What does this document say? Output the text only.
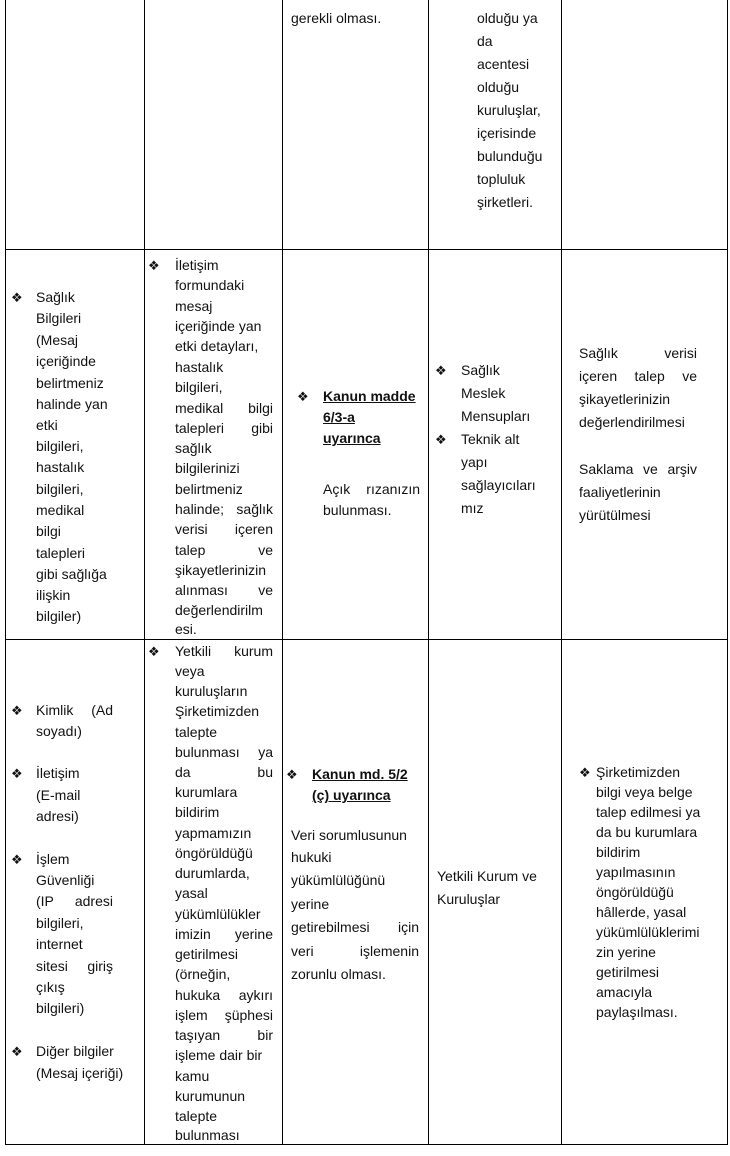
gerekli olması.	olduğu ya
da
acentesi
olduğu
kuruluşlar,
içerisinde
bulunduğu
topluluk
şirketleri.
❖ Sağlık
Bilgileri
(Mesaj
içeriğinde
belirtmeniz
halinde yan
etki
bilgileri,
hastalık
bilgileri,
medikal
bilgi
talepleri
gibi sağlığa
ilişkin
bilgiler)
❖ İletişim
formundaki
mesaj
içeriğinde yan
etki detayları,
hastalık
bilgileri,
medikal bilgi
talepleri gibi
sağlık
bilgilerinizi
belirtmeniz
halinde; sağlık
verisi içeren
talep ve
şikayetlerinizin
alınması ve
değerlendirilm
esi.
❖ Kanun madde
6/3-a
uyarınca
Açık rızanızın
bulunması.
❖ Sağlık
Meslek
Mensupları
❖ Teknik alt
yapı
sağlayıcıları
mız
Sağlık verisi
içeren talep ve
şikayetlerinizin
değerlendirilmesi
Saklama ve arşiv
faaliyetlerinin
yürütülmesi
❖ Kimlik (Ad
soyadı)
❖ İletişim
(E-mail
adresi)
❖ İşlem
Güvenliği
(IP adresi
bilgileri,
internet
sitesi giriş
çıkış
bilgileri)
❖ Diğer bilgiler
(Mesaj içeriği)
❖ Yetkili kurum
veya
kuruluşların
Şirketimizden
talepte
bulunması ya
da bu
kurumlara
bildirim
yapmamızın
öngörüldüğü
durumlarda,
yasal
yükümlülükler
imizin yerine
getirilmesi
(örneğin,
hukuka aykırı
işlem şüphesi
taşıyan bir
işleme dair bir
kamu
kurumunun
talepte
bulunması
❖ Kanun md. 5/2
(ç) uyarınca
Veri sorumlusunun
hukuki
yükümlülüğünü
yerine
getirebilmesi için
veri işlemenin
zorunlu olması.
Yetkili Kurum ve
Kuruluşlar
❖ Şirketimizden
bilgi veya belge
talep edilmesi ya
da bu kurumlara
bildirim
yapılmasının
öngörüldüğü
hâllerde, yasal
yükümlülüklerimi
zin yerine
getirilmesi
amacıyla
paylaşılması.
